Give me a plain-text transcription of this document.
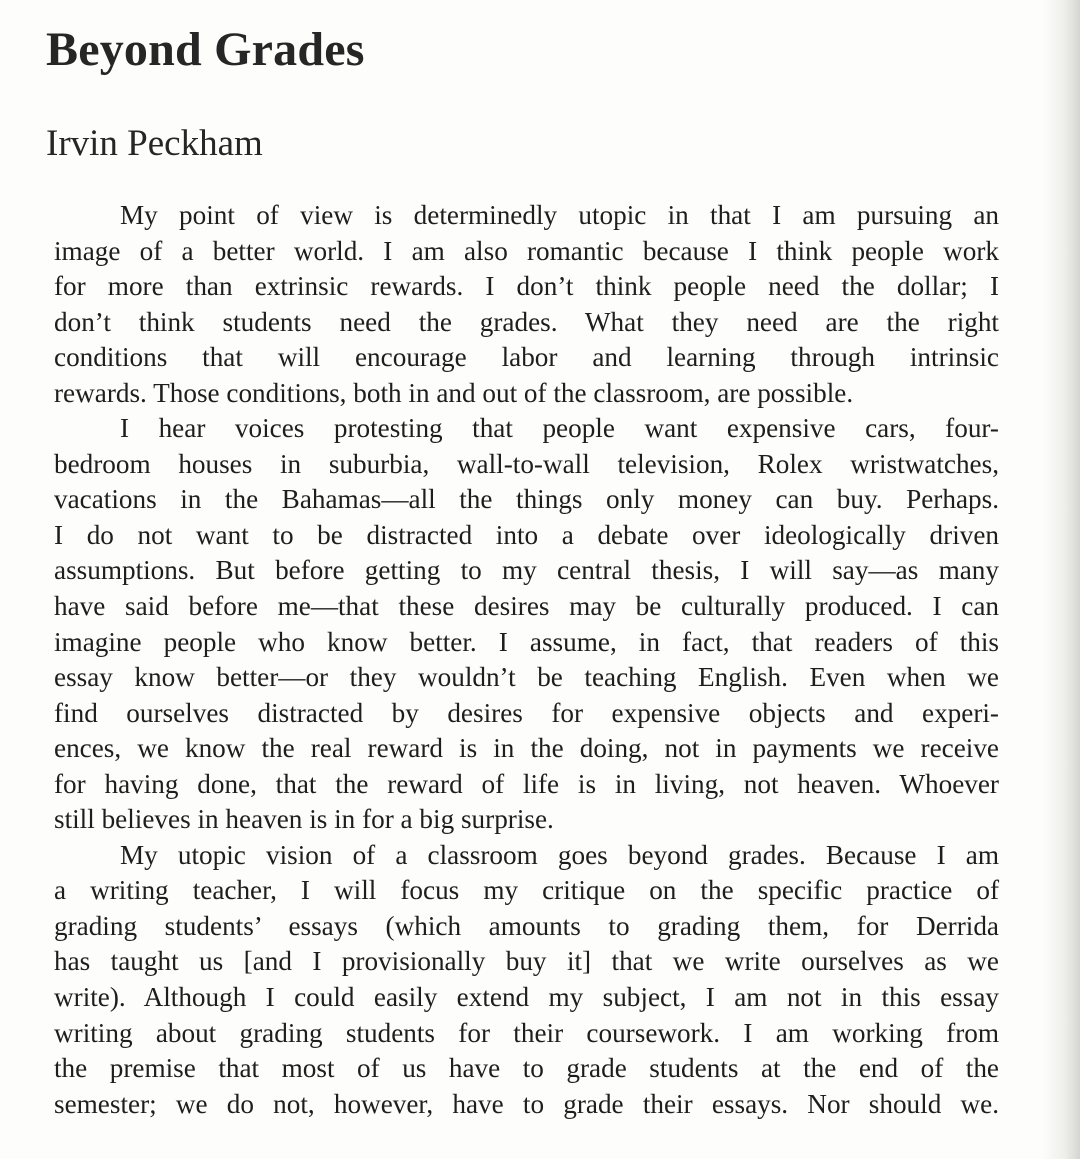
Beyond Grades
Irvin Peckham
My point of view is determinedly utopic in that I am pursuing an
image of a better world. I am also romantic because I think people work
for more than extrinsic rewards. I don’t think people need the dollar; I
don’t think students need the grades. What they need are the right
conditions that will encourage labor and learning through intrinsic
rewards. Those conditions, both in and out of the classroom, are possible.
I hear voices protesting that people want expensive cars, four-
bedroom houses in suburbia, wall-to-wall television, Rolex wristwatches,
vacations in the Bahamas—all the things only money can buy. Perhaps.
I do not want to be distracted into a debate over ideologically driven
assumptions. But before getting to my central thesis, I will say—as many
have said before me—that these desires may be culturally produced. I can
imagine people who know better. I assume, in fact, that readers of this
essay know better—or they wouldn’t be teaching English. Even when we
find ourselves distracted by desires for expensive objects and experi-
ences, we know the real reward is in the doing, not in payments we receive
for having done, that the reward of life is in living, not heaven. Whoever
still believes in heaven is in for a big surprise.
My utopic vision of a classroom goes beyond grades. Because I am
a writing teacher, I will focus my critique on the specific practice of
grading students’ essays (which amounts to grading them, for Derrida
has taught us [and I provisionally buy it] that we write ourselves as we
write). Although I could easily extend my subject, I am not in this essay
writing about grading students for their coursework. I am working from
the premise that most of us have to grade students at the end of the
semester; we do not, however, have to grade their essays. Nor should we.
